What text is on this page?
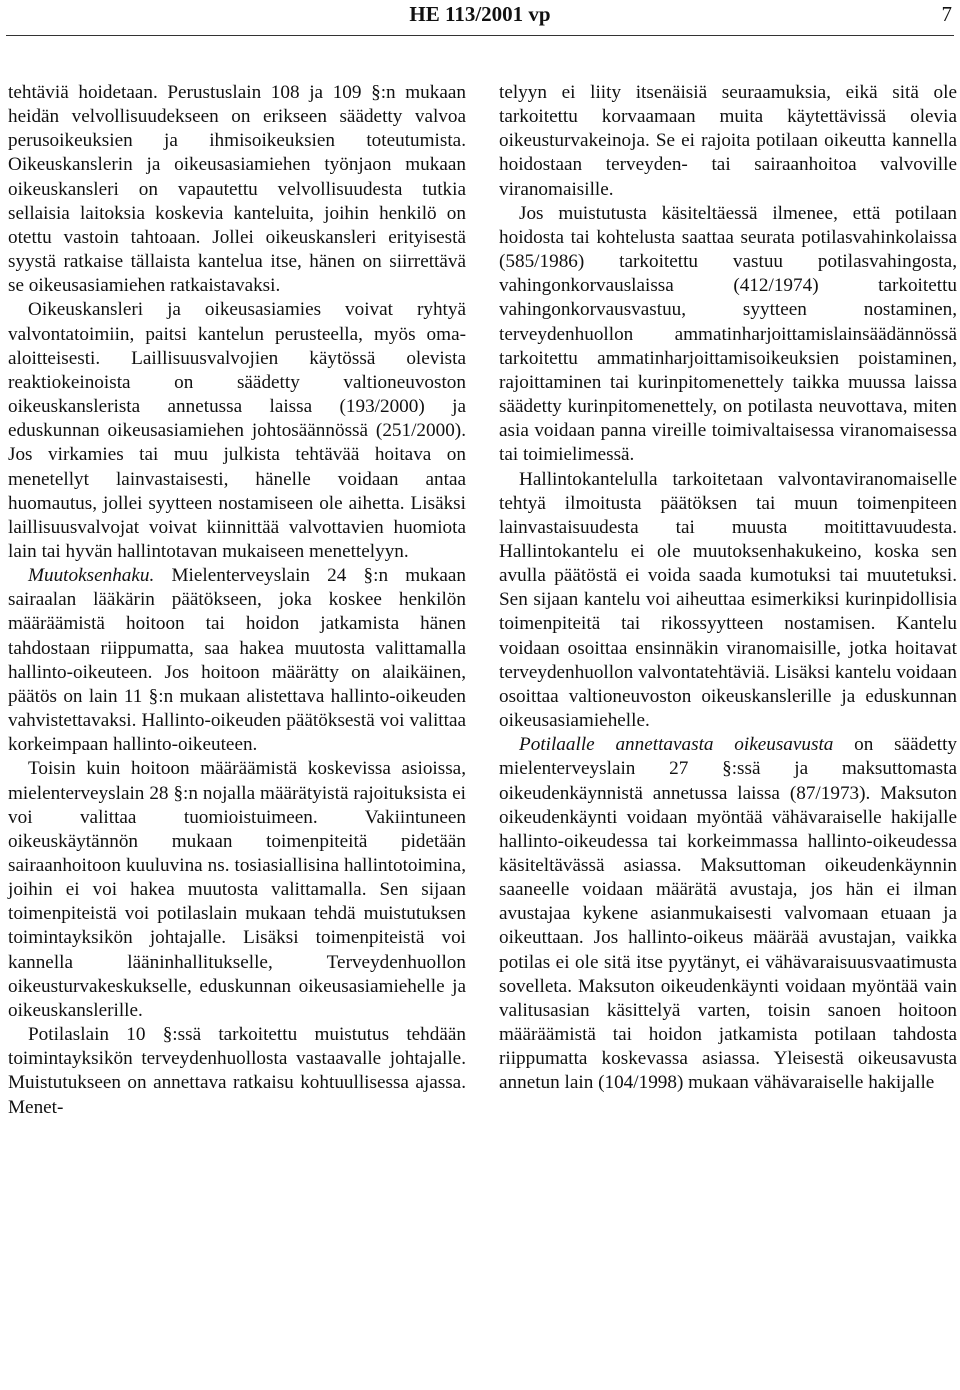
HE 113/2001 vp	7

tehtäviä hoidetaan. Perustuslain 108 ja 109 §:n mukaan heidän velvollisuudekseen on erikseen säädetty valvoa perusoikeuksien ja ihmisoikeuksien toteutumista. Oikeuskanslerin ja oikeusasiamiehen työnjaon mukaan oikeuskansleri on vapautettu velvollisuudesta tutkia sellaisia laitoksia koskevia kanteluita, joihin henkilö on otettu vastoin tahtoaan. Jollei oikeuskansleri erityisestä syystä ratkaise tällaista kantelua itse, hänen on siirrettävä se oikeusasiamiehen ratkaistavaksi.

Oikeuskansleri ja oikeusasiamies voivat ryhtyä valvontatoimiin, paitsi kantelun perusteella, myös oma-aloitteisesti. Laillisuusvalvojien käytössä olevista reaktiokeinoista on säädetty valtioneuvoston oikeuskanslerista annetussa laissa (193/2000) ja eduskunnan oikeusasiamiehen johtosäännössä (251/2000). Jos virkamies tai muu julkista tehtävää hoitava on menetellyt lainvastaisesti, hänelle voidaan antaa huomautus, jollei syytteen nostamiseen ole aihetta. Lisäksi laillisuusvalvojat voivat kiinnittää valvottavien huomiota lain tai hyvän hallintotavan mukaiseen menettelyyn.

Muutoksenhaku. Mielenterveyslain 24 §:n mukaan sairaalan lääkärin päätökseen, joka koskee henkilön määräämistä hoitoon tai hoidon jatkamista hänen tahdostaan riippumatta, saa hakea muutosta valittamalla hallinto-oikeuteen. Jos hoitoon määrätty on alaikäinen, päätös on lain 11 §:n mukaan alistettava hallinto-oikeuden vahvistettavaksi. Hallinto-oikeuden päätöksestä voi valittaa korkeimpaan hallinto-oikeuteen.

Toisin kuin hoitoon määräämistä koskevissa asioissa, mielenterveyslain 28 §:n nojalla määrätyistä rajoituksista ei voi valittaa tuomioistuimeen. Vakiintuneen oikeuskäytännön mukaan toimenpiteitä pidetään sairaanhoitoon kuuluvina ns. tosiasiallisina hallintotoimina, joihin ei voi hakea muutosta valittamalla. Sen sijaan toimenpiteistä voi potilaslain mukaan tehdä muistutuksen toimintayksikön johtajalle. Lisäksi toimenpiteistä voi kannella lääninhallitukselle, Terveydenhuollon oikeusturvakeskukselle, eduskunnan oikeusasiamiehelle ja oikeuskanslerille.

Potilaslain 10 §:ssä tarkoitettu muistutus tehdään toimintayksikön terveydenhuollosta vastaavalle johtajalle. Muistutukseen on annettava ratkaisu kohtuullisessa ajassa. Menet-

telyyn ei liity itsenäisiä seuraamuksia, eikä sitä ole tarkoitettu korvaamaan muita käytettävissä olevia oikeusturvakeinoja. Se ei rajoita potilaan oikeutta kannella hoidostaan terveyden- tai sairaanhoitoa valvoville viranomaisille.

Jos muistutusta käsiteltäessä ilmenee, että potilaan hoidosta tai kohtelusta saattaa seurata potilasvahinkolaissa (585/1986) tarkoitettu vastuu potilasvahingosta, vahingonkorvauslaissa (412/1974) tarkoitettu vahingonkorvausvastuu, syytteen nostaminen, terveydenhuollon ammatinharjoittamislainsäädännössä tarkoitettu ammatinharjoittamisoikeuksien poistaminen, rajoittaminen tai kurinpitomenettely taikka muussa laissa säädetty kurinpitomenettely, on potilasta neuvottava, miten asia voidaan panna vireille toimivaltaisessa viranomaisessa tai toimielimessä.

Hallintokantelulla tarkoitetaan valvontaviranomaiselle tehtyä ilmoitusta päätöksen tai muun toimenpiteen lainvastaisuudesta tai muusta moitittavuudesta. Hallintokantelu ei ole muutoksenhakukeino, koska sen avulla päätöstä ei voida saada kumotuksi tai muutetuksi. Sen sijaan kantelu voi aiheuttaa esimerkiksi kurinpidollisia toimenpiteitä tai rikossyytteen nostamisen. Kantelu voidaan osoittaa ensinnäkin viranomaisille, jotka hoitavat terveydenhuollon valvontatehtäviä. Lisäksi kantelu voidaan osoittaa valtioneuvoston oikeuskanslerille ja eduskunnan oikeusasiamiehelle.

Potilaalle annettavasta oikeusavusta on säädetty mielenterveyslain 27 §:ssä ja maksuttomasta oikeudenkäynnistä annetussa laissa (87/1973). Maksuton oikeudenkäynti voidaan myöntää vähävaraiselle hakijalle hallinto-oikeudessa tai korkeimmassa hallinto-oikeudessa käsiteltävässä asiassa. Maksuttoman oikeudenkäynnin saaneelle voidaan määrätä avustaja, jos hän ei ilman avustajaa kykene asianmukaisesti valvomaan etuaan ja oikeuttaan. Jos hallinto-oikeus määrää avustajan, vaikka potilas ei ole sitä itse pyytänyt, ei vähävaraisuusvaatimusta sovelleta. Maksuton oikeudenkäynti voidaan myöntää vain valitusasian käsittelyä varten, toisin sanoen hoitoon määräämistä tai hoidon jatkamista potilaan tahdosta riippumatta koskevassa asiassa. Yleisestä oikeusavusta annetun lain (104/1998) mukaan vähävaraiselle hakijalle
